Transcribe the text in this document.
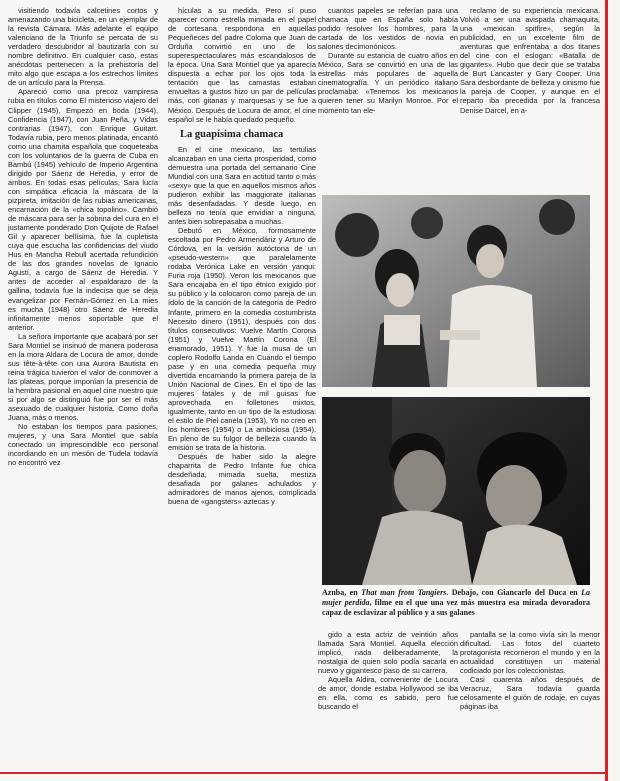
visitiendo todavía calcetines cortos y amenazando una bicicleta, en un ejemplar de la revista Cámara. Más adelante el equipo valenciano de la Triunfo se percata de su verdadero descubridor al bautizarla con su nombre definitivo. En cualquier caso, estas anécdotas pertenecen a la prehistoria del mito algo que escapa a los estrechos límites de un artículo para la Prensa.

Apareció como una precoz vampiresa rubia en títulos como El misterioso viajero del Clipper (1945), Empezó en boda (1944), Confidencia (1947), con Juan Peña, y Vidas contrarias (1947), con Enrique Guitart. Todavía rubia, pero menos platinada, encantó como una chamita española que coqueteaba con los voluntarios de la guerra de Cuba en Bambú (1945) vehículo de Imperio Argentina dirigido por Sáenz de Heredia, y error de ambos. En todas esas películas, Sara lucía con simpática eficacia la máscara de la pizpireta, imitación de las rubias americanas, encarnación de la «chica topolino». Cambió de máscara para ser la sobrina del cura en el justamente ponderado Don Quijote de Rafael Gil y aparecer bellísima, fue la cupletista cuya que escucha las confidencias del viudo Hus en Mancha Rebull acertada refundición de las dos grandes novelas de Ignacio Agustí, a cargo de Sáenz de Heredia. Y antes de acceder al espaldarazo de la gallina, todavía fue la indecisa que se deja evangelizar por Fernán-Gómez en La mies es mucha (1948) otro Sáenz de Heredia infinitamente menos soportable que el anterior.

La señora importante que acabará por ser Sara Montiel se insinuó de manera poderosa en la mora Aldara de Locura de amor, donde sus tête-à-tête con una Aurora Bautista en reina trágica tuvieron el valor de conmover a las plateas, porque imponían la presencia de la hembra pasional en aquel cine nuestro que si por algo se distinguió fue por ser el más asexuado de cualquier historia. Como doña Juana, más o menos.

No estaban los tiempos para pasiones, mujeres, y una Sara Montiel que sabía conectado un imprescindible eco personal incordiando en un mesón de Tudela todavía no encontró vez

hículas a su medida. Pero sí puso aparecer como estrella mimada en el papel de cortesana respondona en aquellas Pequeñeces del padre Coloma que Juan de Orduña convirtió en uno de los superespectaculares más escandalosos de la época. Una Sara Montiel que ya aparecía dispuesta a echar por los ojos toda la tentación que las camastas estaban envueltas a gustos hizo un par de películas más, con gitanas y marquesas y se fue a México. Después de Locura de amor, el cine español se le había quedado pequeño.

La guapísima chamaca

En el cine mexicano, las tertulias alcanzaban en una cierta prosperidad, como demuestra una portada del semanario Cine Mundial con una Sara en actitud tanto o más «sexy» que la que en aquellos mismos años pudieron exhibir las maggiorate italianas más desenfadadas. Y desde luego, en belleza no tenía que envidiar a ninguna, antes bien sobrepasaba a muchas.

Debutó en México, formosamente escoltada por Pedro Armendáriz y Arturo de Córdova, en la versión autóctona de un «pseudo-western» que paralelamente rodaba Verónica Lake en versión yanqui: Furia roja (1950). Veron los mexicanos que Sara encajaba en el tipo étnico exigido por su público y la colocaron como pareja de un ídolo de la canción de la categoría de Pedro Infante, primero en la comedia costumbrista Necesito dinero (1951), después con dos títulos consecutivos: Vuelve Martín Corona (1951) y Vuelve Martín Corona (El enamorado, 1951). Y fue la musa de un coplero Rodolfo Landa en Cuando el tiempo pase y en una comedia pequeña muy divertida encarnando la primera pareja de la Unión Nacional de Cines. En el tipo de las mujeres fatales y de mil guisas fue aprovechada en folletones mixtos, igualmente, tanto en un tipo de la estudiosa: el estilo de Piel canela (1953), Yo no creo en los hombres (1954) o La ambiciosa (1954). En pleno de su fulgor de belleza cuando la emisión se trata de la historia.

Después de haber sido la alegre chaparrita de Pedro Infante fue chica desdeñada, mimada suelta, mestiza desafiada por galanes achulados y admiradores de manos ajenos, complicada buena de «gangsters» aztecas y

cuantos papeles se referían para una chamaca que en España solo había podido resolver los hombres, para la cartada de los vestidos de novia en salones decimonónicos.

Durante su estancia de cuatro años en México, Sara se convirtió en una de las estrellas más populares de aquella cinematografía. Y un periódico italiano proclamaba: «Tenemos los mexicanos quieren tener su Marilyn Monroe. Por el momento tan ele-

reclamo de su experiencia mexicana. Volvió a ser una avispada chamaquita, una «mexican spitfire», según la publicidad, en un excelente film de aventuras que enfrentaba a dos titanes del cine con el eslogan: «Batalla de gigantes». Hubo que decir que se trataba de Burt Lancaster y Gary Cooper. Una Sara desbordante de belleza y cinismo fue la pareja de Cooper, y aunque en el reparto iba precedida por la francesa Denise Darcel, en a-

Aznba, en That man from Tangiers. Debajo, con Giancarlo del Duca en La mujer perdida, filme en el que una vez más muestra esa mirada devoradora capaz de esclavizar al público y a sus galanes

gido a esta actriz de veintiún años llamada Sara Montiel. Aquella elección implicó, nada deliberadamente, la nostalgia de quien solo podía sacarla en nuevo y gigantesco paso de su carrera.

Aquella Aldira, conveniente de Locura de amor, donde estaba Hollywood se iba en ella, como es sabido, pero fue buscando el

pantalla se la como vivía sin la menor dificultad. Las fotos del cuarteto protagonista recorrieron el mundo y en la actualidad constituyen un material codiciado por los coleccionistas.

Casi cuarenta años después de Veracruz, Sara todavía guarda celosamente el guión de rodaje, en cuyas páginas iba
